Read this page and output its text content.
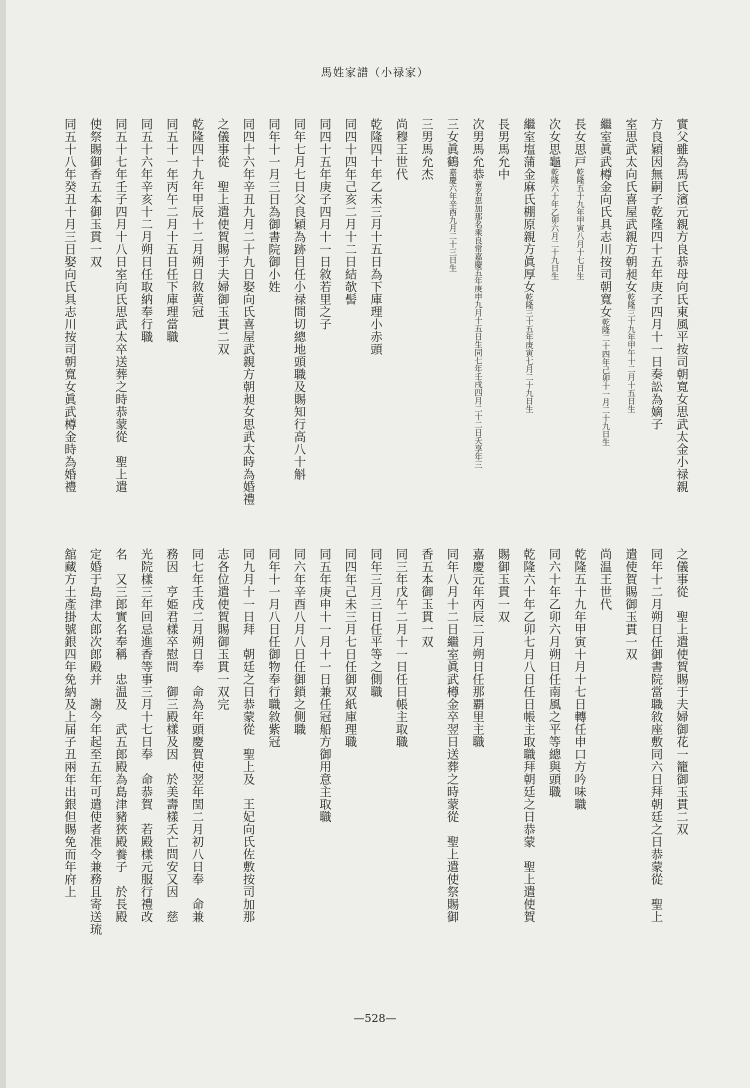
馬姓家譜（小禄家）
實父雖為馬氏濱元親方良恭母向氏東風平按司朝寬女思武太金小禄親
方良穎因無嗣子乾隆四十五年庚子四月十一日奏訟為嫡子
室思武太向氏喜屋武親方朝昶女乾隆三十九年甲午十二月十五日生
繼室眞武樽金向氏具志川按司朝寬女乾隆二十四年己卯十一月二十九日生
長女思戸乾隆五十九年甲寅八月十七日生
次女思龜乾隆六十年乙卯六月二十九日生
繼室塩蒲金麻氏棚原親方眞厚女乾隆三十五年庚寅七月二十九日生
長男馬允中
次男馬允恭童名思加那名乘良常嘉慶五年庚申九月十五日生同七年壬戌四月二十二日夭享年三
三女眞鶴嘉慶六年辛酉九月二十三日生
三男馬允杰
尚穆王世代
乾隆四十年乙未三月十五日為下庫理小赤頭
同四十四年己亥二月十二日結欹髻
同四十五年庚子四月十一日敘若里之子
同年七月七日父良穎為跡目任小禄間切總地頭職及賜知行高八十斛
同年十一月三日為御書院御小姓
同四十六年辛丑九月二十九日娶向氏喜屋武親方朝昶女思武太時為婚禮
之儀事從　聖上遣使賀賜于夫婦御玉貫二双
乾隆四十九年甲辰十二月朔日敘黄冠
同五十一年丙午二月十五日任下庫理當職
同五十六年辛亥十二月朔日任取納奉行職
同五十七年壬子四月十八日室向氏思武太卒送葬之時恭蒙從　聖上遣
使祭賜御香五本御玉貫一双
同五十八年癸丑十月三日娶向氏具志川按司朝寬女眞武樽金時為婚禮
之儀事從　聖上遣使賀賜于夫婦御花一籠御玉貫二双
同年十二月朔日任御書院當職敘座敷同六日拜朝廷之日恭蒙從　聖上
遣使賀賜御玉貫一双
尚温王世代
乾隆五十九年甲寅十月十七日轉任申口方吟味職
同六十年乙卯六月朔日任南風之平等總與頭職
乾隆六十年乙卯七月八日任日帳主取職拜朝廷之日恭蒙　聖上遣使賀
賜御玉貫一双
嘉慶元年丙辰二月朔日任那覇里主職
同年八月十二日繼室眞武樽金卒翌日送葬之時蒙從　聖上遣使祭賜御
香五本御玉貫一双
同三年戊午二月十一日任日帳主取職
同年三月三日任平等之側職
同四年己未三月七日任御双紙庫理職
同五年庚申十一月十一日兼任冠船方御用意主取職
同六年辛酉八月八日任御鎖之側職
同年十一月八日任御物奉行職敘紫冠
同九月十一日拜　朝廷之日恭蒙從　聖上及　王妃向氏佐敷按司加那
志各位遣使賀賜御玉貫一双完
同七年壬戌二月朔日奉　命為年頭慶賀使翌年閏二月初八日奉　命兼
務因　亨姫君樣卒慰問　御三殿樣及因　於美壽樣夭亡問安又因　慈
光院樣三年回忌進香等事三月十七日奉　命恭賀　若殿樣元服行禮改
名　又三郎實名奉稱　忠温及　武五郎殿為島津豬狹殿養子　於長殿
定婚于島津太郎次郎殿并　謝今年起至五年可遣使者准令兼務且寄送琉
舘藏方土產掛號銀四年免納及上届子丑兩年出銀但賜免而年府上
—528—
